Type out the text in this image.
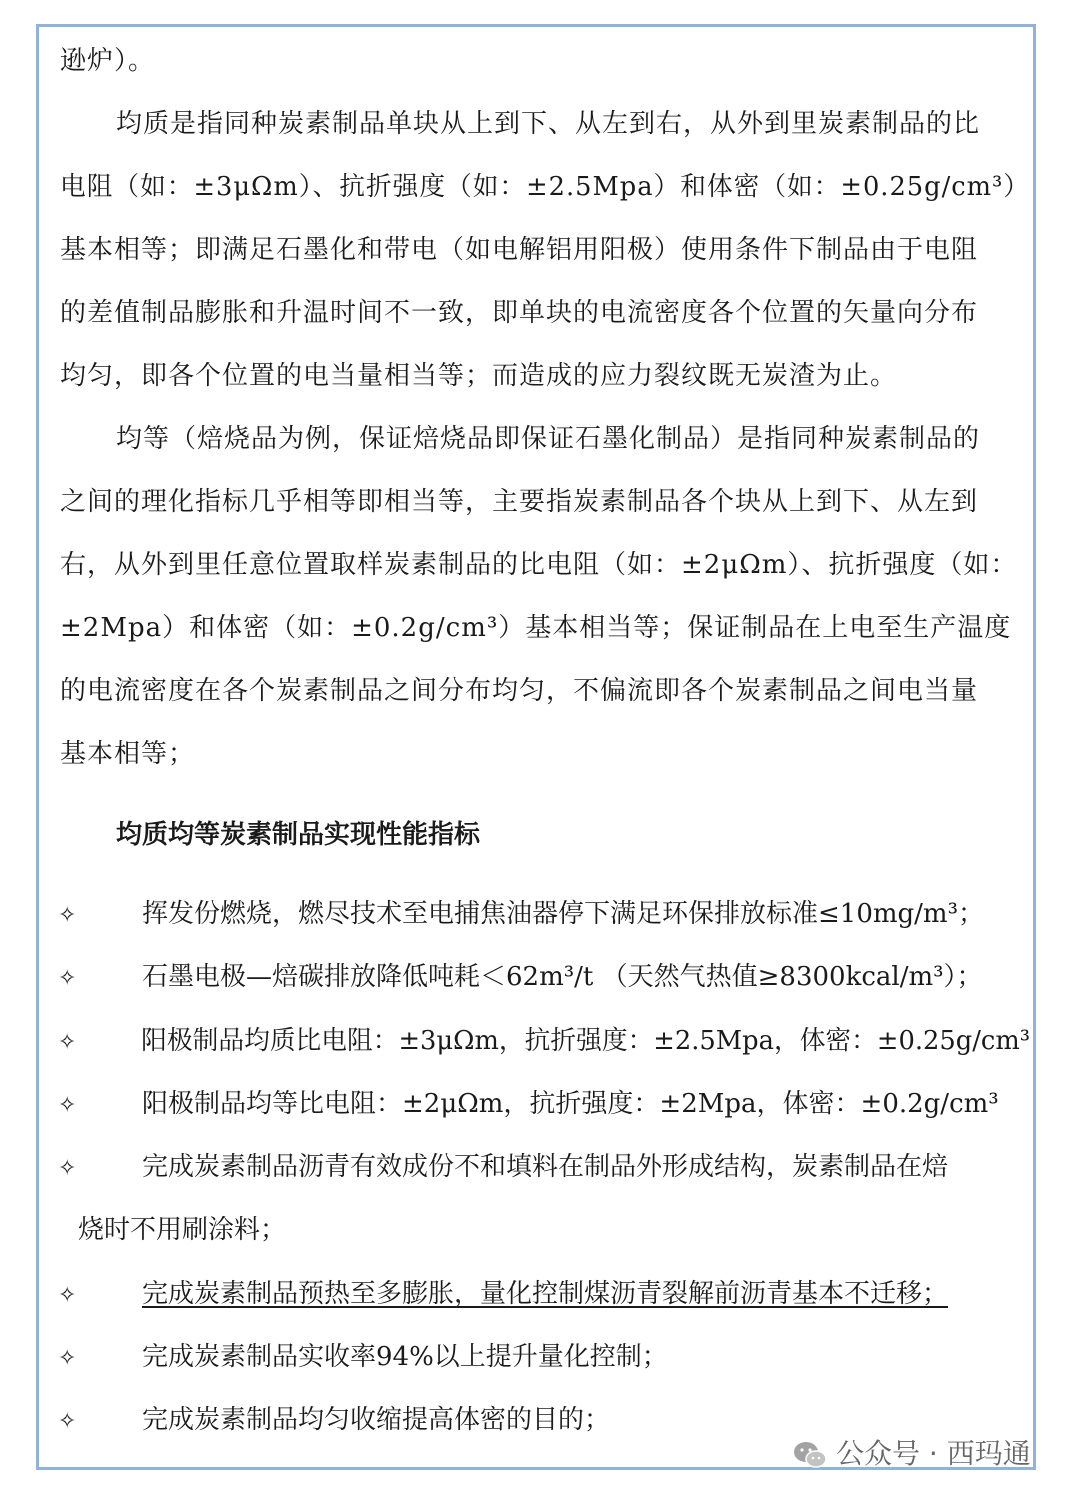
逊炉）。
均质是指同种炭素制品单块从上到下、从左到右，从外到里炭素制品的比
电阻（如：±3μΩm）、抗折强度（如：±2.5Mpa）和体密（如：±0.25g/cm³）
基本相等；即满足石墨化和带电（如电解铝用阳极）使用条件下制品由于电阻
的差值制品膨胀和升温时间不一致，即单块的电流密度各个位置的矢量向分布
均匀，即各个位置的电当量相当等；而造成的应力裂纹既无炭渣为止。
均等（焙烧品为例，保证焙烧品即保证石墨化制品）是指同种炭素制品的
之间的理化指标几乎相等即相当等，主要指炭素制品各个块从上到下、从左到
右，从外到里任意位置取样炭素制品的比电阻（如：±2μΩm）、抗折强度（如：
±2Mpa）和体密（如：±0.2g/cm³）基本相当等；保证制品在上电至生产温度
的电流密度在各个炭素制品之间分布均匀，不偏流即各个炭素制品之间电当量
基本相等；
均质均等炭素制品实现性能指标
✧	挥发份燃烧，燃尽技术至电捕焦油器停下满足环保排放标准≤10mg/m³；
✧	石墨电极—焙碳排放降低吨耗＜62m³/t （天然气热值≥8300kcal/m³）；
✧ 阳极制品均质比电阻：±3μΩm，抗折强度：±2.5Mpa，体密：±0.25g/cm³
✧	阳极制品均等比电阻：±2μΩm，抗折强度：±2Mpa，体密：±0.2g/cm³
✧	完成炭素制品沥青有效成份不和填料在制品外形成结构，炭素制品在焙
烧时不用刷涂料；
✧	完成炭素制品预热至多膨胀，量化控制煤沥青裂解前沥青基本不迁移；
✧	完成炭素制品实收率94%以上提升量化控制；
✧	完成炭素制品均匀收缩提高体密的目的；
公众号 · 西玛通
